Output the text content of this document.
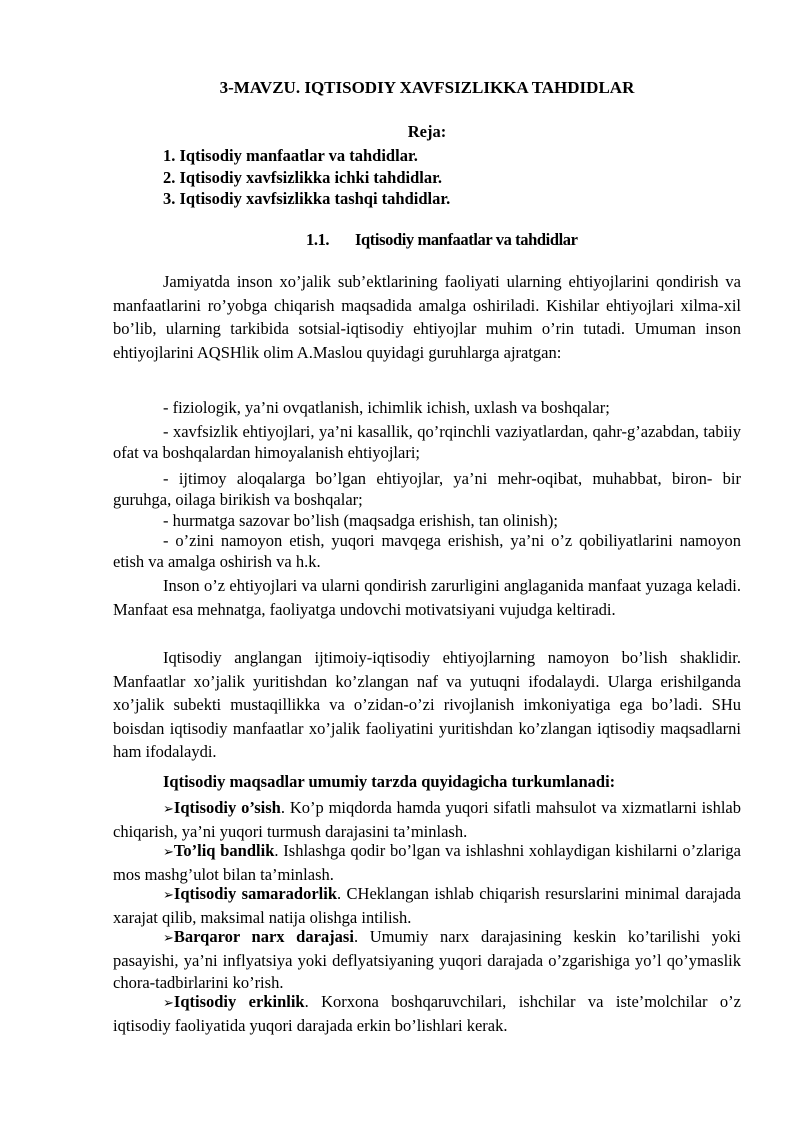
3-MAVZU. IQTISODIY XAVFSIZLIKKA TAHDIDLAR
Reja:
1. Iqtisodiy manfaatlar va tahdidlar.
2. Iqtisodiy xavfsizlikka ichki tahdidlar.
3. Iqtisodiy xavfsizlikka tashqi tahdidlar.
1.1. Iqtisodiy manfaatlar va tahdidlar
Jamiyatda inson xo’jalik sub’ektlarining faoliyati ularning ehtiyojlarini qondirish va manfaatlarini ro’yobga chiqarish maqsadida amalga oshiriladi. Kishilar ehtiyojlari xilma-xil bo’lib, ularning tarkibida sotsial-iqtisodiy ehtiyojlar muhim o’rin tutadi. Umuman inson ehtiyojlarini AQSHlik olim A.Maslou quyidagi guruhlarga ajratgan:
- fiziologik, ya’ni ovqatlanish, ichimlik ichish, uxlash va boshqalar;
- xavfsizlik ehtiyojlari, ya’ni kasallik, qo’rqinchli vaziyatlardan, qahr-g’azabdan, tabiiy ofat va boshqalardan himoyalanish ehtiyojlari;
- ijtimoy aloqalarga bo’lgan ehtiyojlar, ya’ni mehr-oqibat, muhabbat, biron- bir guruhga, oilaga birikish va boshqalar;
- hurmatga sazovar bo’lish (maqsadga erishish, tan olinish);
- o’zini namoyon etish, yuqori mavqega erishish, ya’ni o’z qobiliyatlarini namoyon etish va amalga oshirish va h.k.
Inson o’z ehtiyojlari va ularni qondirish zarurligini anglaganida manfaat yuzaga keladi. Manfaat esa mehnatga, faoliyatga undovchi motivatsiyani vujudga keltiradi.
Iqtisodiy anglangan ijtimoiy-iqtisodiy ehtiyojlarning namoyon bo’lish shaklidir. Manfaatlar xo’jalik yuritishdan ko’zlangan naf va yutuqni ifodalaydi. Ularga erishilganda xo’jalik subekti mustaqillikka va o’zidan-o’zi rivojlanish imkoniyatiga ega bo’ladi. SHu boisdan iqtisodiy manfaatlar xo’jalik faoliyatini yuritishdan ko’zlangan iqtisodiy maqsadlarni ham ifodalaydi.
Iqtisodiy maqsadlar umumiy tarzda quyidagicha turkumlanadi:
➢Iqtisodiy o’sish. Ko’p miqdorda hamda yuqori sifatli mahsulot va xizmatlarni ishlab chiqarish, ya’ni yuqori turmush darajasini ta’minlash.
➢To’liq bandlik. Ishlashga qodir bo’lgan va ishlashni xohlaydigan kishilarni o’zlariga mos mashg’ulot bilan ta’minlash.
➢Iqtisodiy samaradorlik. CHeklangan ishlab chiqarish resurslarini minimal darajada xarajat qilib, maksimal natija olishga intilish.
➢Barqaror narx darajasi. Umumiy narx darajasining keskin ko’tarilishi yoki pasayishi, ya’ni inflyatsiya yoki deflyatsiyaning yuqori darajada o’zgarishiga yo’l qo’ymaslik chora-tadbirlarini ko’rish.
➢Iqtisodiy erkinlik. Korxona boshqaruvchilari, ishchilar va iste’molchilar o’z iqtisodiy faoliyatida yuqori darajada erkin bo’lishlari kerak.
